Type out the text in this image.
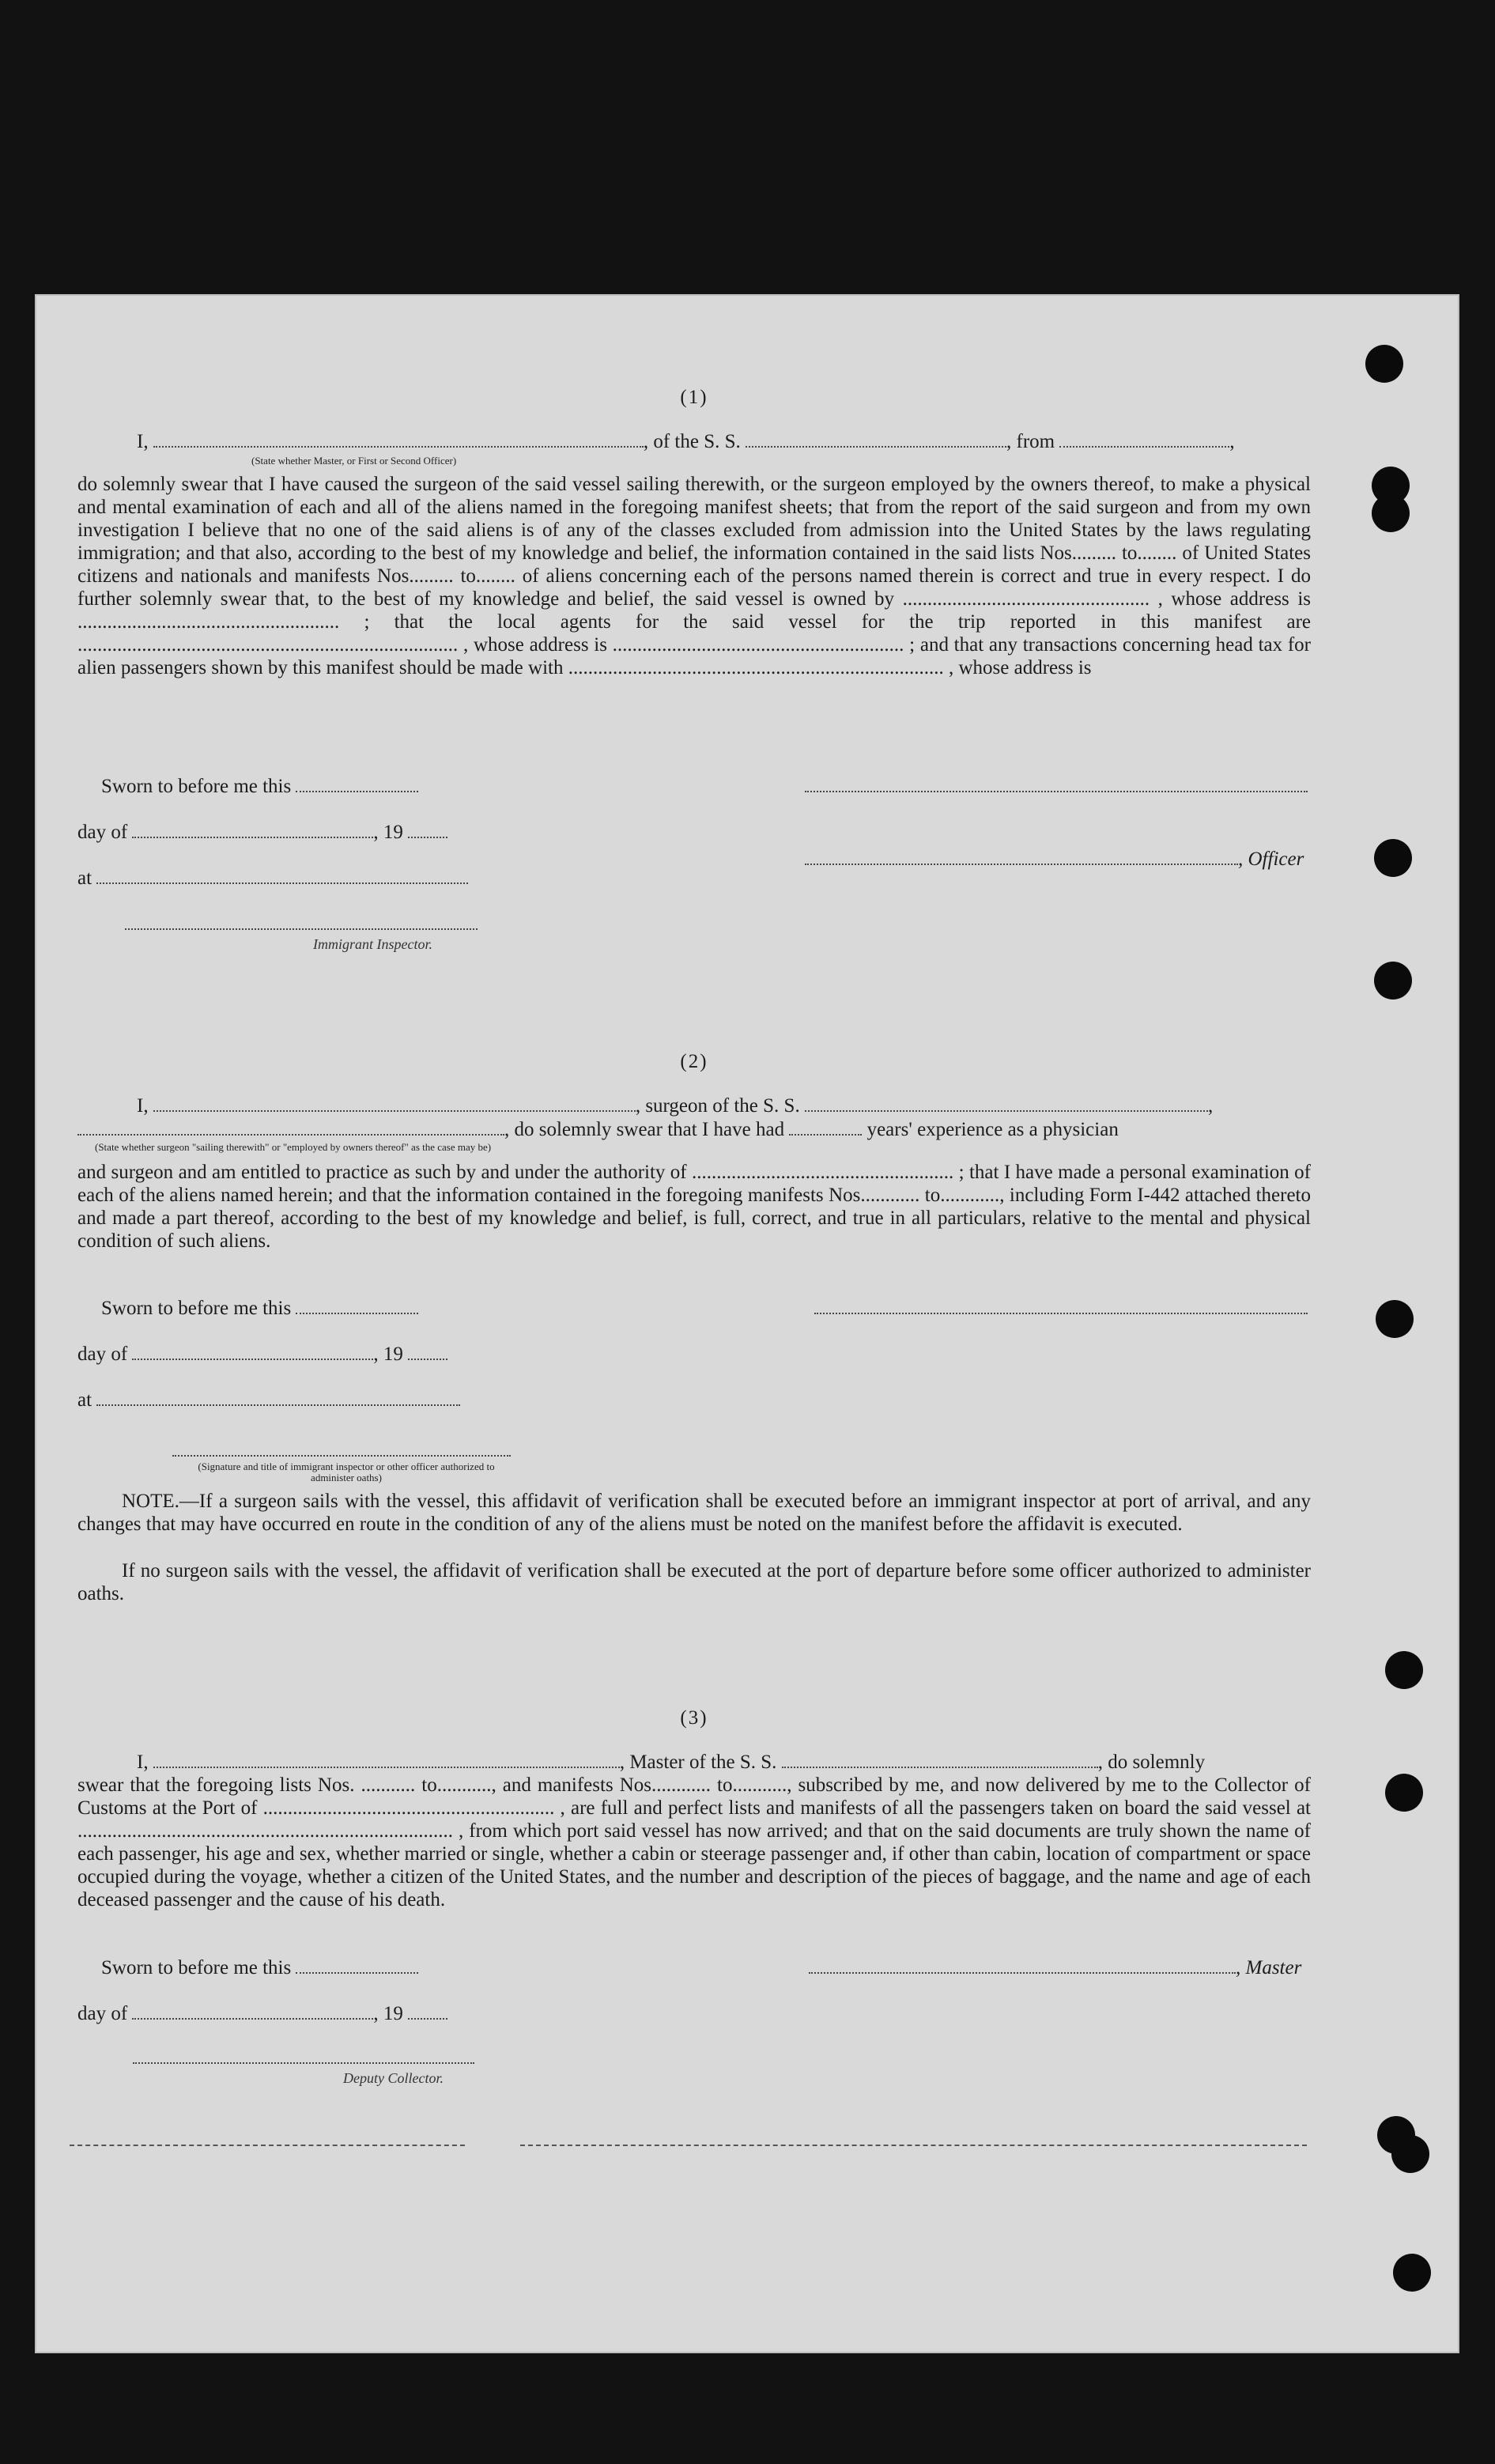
(1)
I,	, of the S. S.	, from	,
(State whether Master, or First or Second Officer)
do solemnly swear that I have caused the surgeon of the said vessel sailing therewith, or the surgeon employed by the owners thereof, to make a physical and mental examination of each and all of the aliens named in the foregoing manifest sheets; that from the report of the said surgeon and from my own investigation I believe that no one of the said aliens is of any of the classes excluded from admission into the United States by the laws regulating immigration; and that also, according to the best of my knowledge and belief, the information contained in the said lists Nos......... to........ of United States citizens and nationals and manifests Nos......... to........ of aliens concerning each of the persons named therein is correct and true in every respect. I do further solemnly swear that, to the best of my knowledge and belief, the said vessel is owned by .................................................. , whose address is ..................................................... ; that the local agents for the said vessel for the trip reported in this manifest are ............................................................................. , whose address is ........................................................... ; and that any transactions concerning head tax for alien passengers shown by this manifest should be made with ............................................................................ , whose address is
Sworn to before me this
day of	, 19
, Officer
at
Immigrant Inspector.
(2)
I,	, surgeon of the S. S.	,
, do solemnly swear that I have had	years' experience as a physician
(State whether surgeon "sailing therewith" or "employed by owners thereof" as the case may be)
and surgeon and am entitled to practice as such by and under the authority of ..................................................... ; that I have made a personal examination of each of the aliens named herein; and that the information contained in the foregoing manifests Nos............ to............, including Form I-442 attached thereto and made a part thereof, according to the best of my knowledge and belief, is full, correct, and true in all particulars, relative to the mental and physical condition of such aliens.
Sworn to before me this
day of	, 19
at
(Signature and title of immigrant inspector or other officer authorized to administer oaths)
NOTE.—If a surgeon sails with the vessel, this affidavit of verification shall be executed before an immigrant inspector at port of arrival, and any changes that may have occurred en route in the condition of any of the aliens must be noted on the manifest before the affidavit is executed.
If no surgeon sails with the vessel, the affidavit of verification shall be executed at the port of departure before some officer authorized to administer oaths.
(3)
I,	, Master of the S. S.	, do solemnly
swear that the foregoing lists Nos. ........... to..........., and manifests Nos............ to..........., subscribed by me, and now delivered by me to the Collector of Customs at the Port of ........................................................... , are full and perfect lists and manifests of all the passengers taken on board the said vessel at ............................................................................ , from which port said vessel has now arrived; and that on the said documents are truly shown the name of each passenger, his age and sex, whether married or single, whether a cabin or steerage passenger and, if other than cabin, location of compartment or space occupied during the voyage, whether a citizen of the United States, and the number and description of the pieces of baggage, and the name and age of each deceased passenger and the cause of his death.
Sworn to before me this	, Master
day of	, 19
Deputy Collector.
